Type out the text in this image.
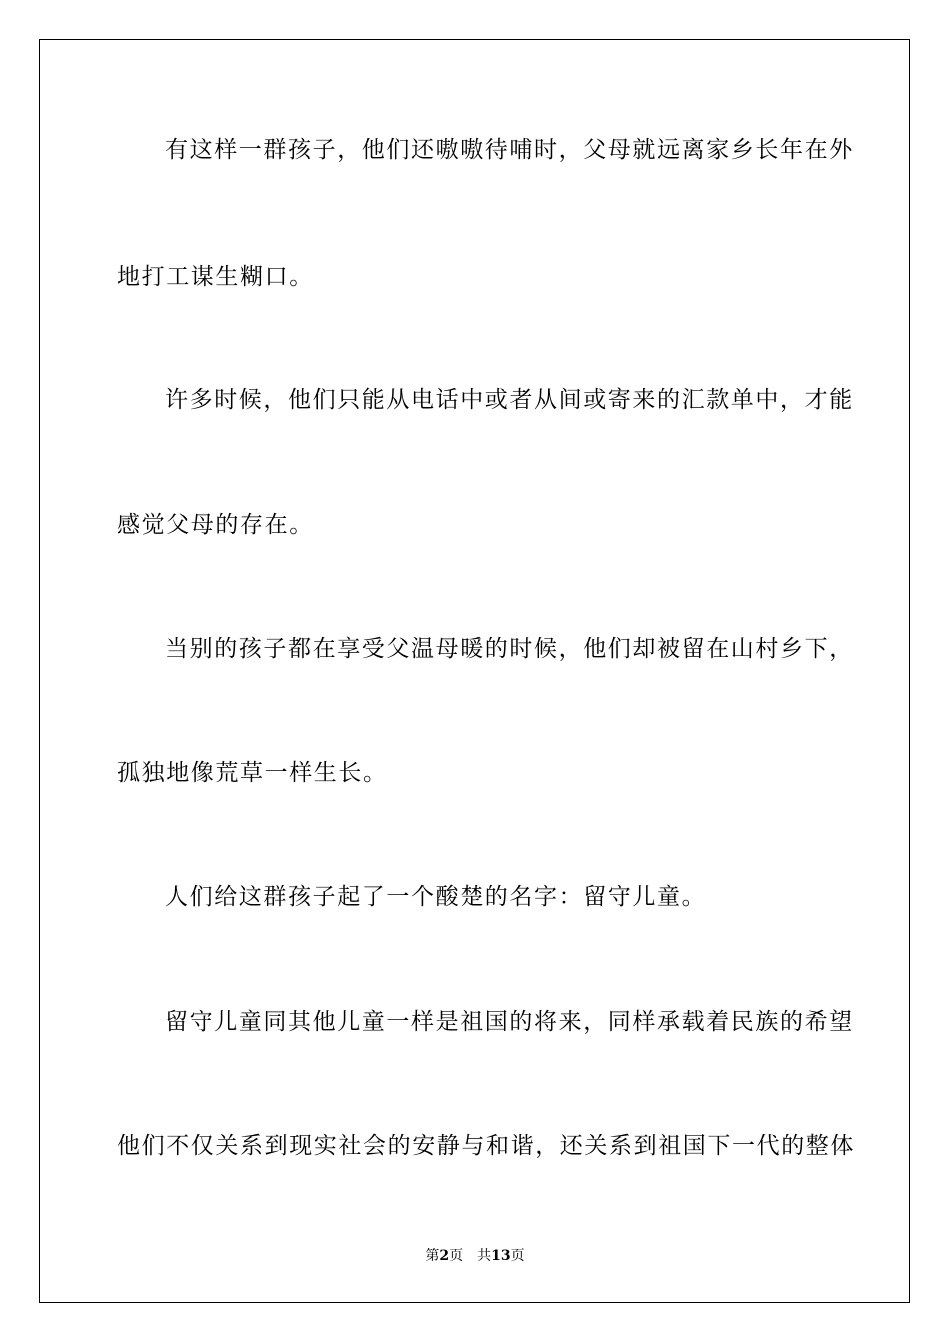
有这样一群孩子，他们还嗷嗷待哺时，父母就远离家乡长年在外
地打工谋生糊口。
许多时候，他们只能从电话中或者从间或寄来的汇款单中，才能
感觉父母的存在。
当别的孩子都在享受父温母暖的时候，他们却被留在山村乡下，
孤独地像荒草一样生长。
人们给这群孩子起了一个酸楚的名字：留守儿童。
留守儿童同其他儿童一样是祖国的将来，同样承载着民族的希望
他们不仅关系到现实社会的安静与和谐，还关系到祖国下一代的整体
第2页 共13页
